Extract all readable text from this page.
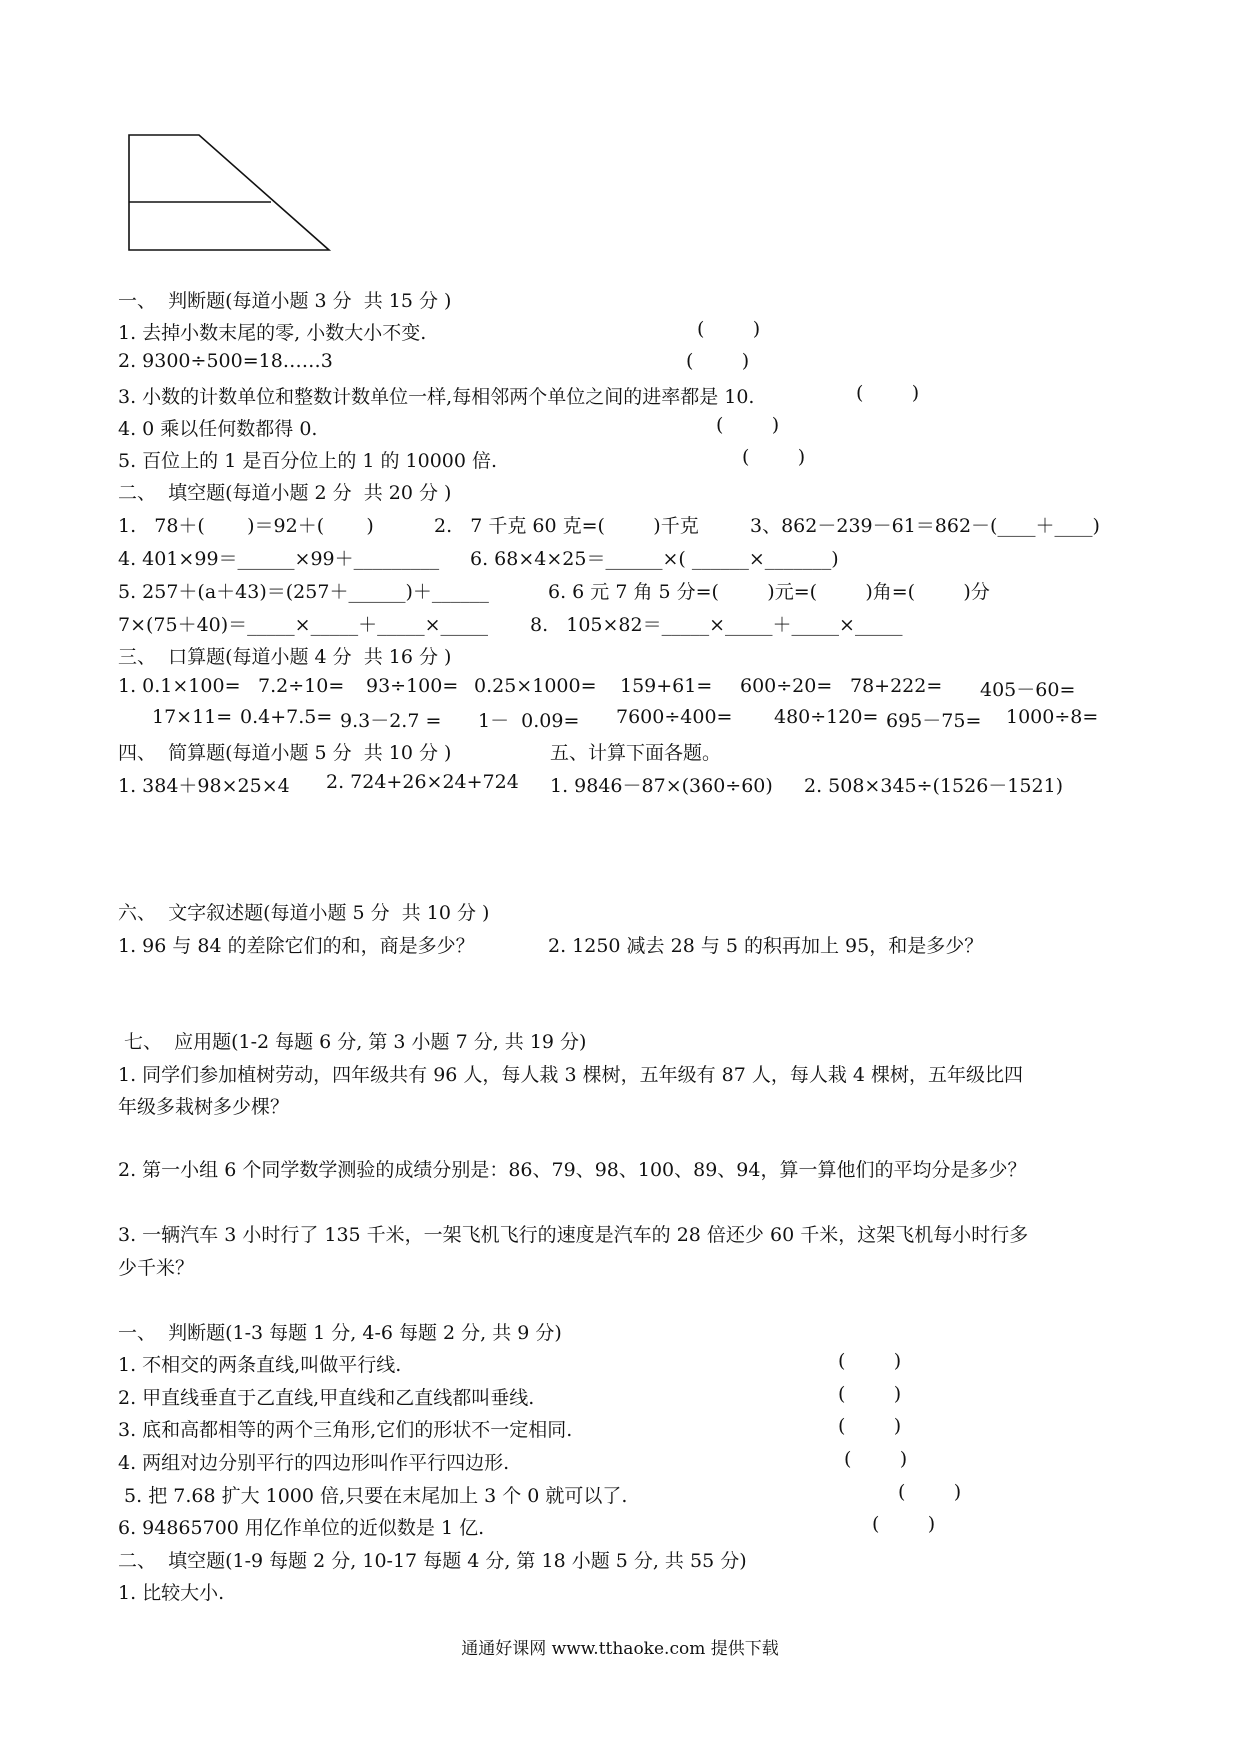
一、  判断题(每道小题 3 分  共 15 分 )
1. 去掉小数末尾的零, 小数大小不变.	(        )
2. 9300÷500=18……3	(        )
3. 小数的计数单位和整数计数单位一样,每相邻两个单位之间的进率都是 10.	(        )
4. 0 乘以任何数都得 0.	(        )
5. 百位上的 1 是百分位上的 1 的 10000 倍.	(        )
二、  填空题(每道小题 2 分  共 20 分 )
1.   78＋(       )＝92＋(       )	2.   7 千克 60 克=(        )千克	3、862－239－61＝862－(____＋____)
4. 401×99＝______×99＋_________ 6. 68×4×25＝______×( ______×_______)
5. 257＋(a＋43)＝(257＋______)＋______	6. 6 元 7 角 5 分=(        )元=(        )角=(        )分
7×(75＋40)＝_____×_____＋_____×_____ 8.   105×82＝_____×_____＋_____×_____
三、  口算题(每道小题 4 分  共 16 分 )
1. 0.1×100= 7.2÷10= 93÷100= 0.25×1000= 159+61= 600÷20= 78+222= 405－60=
17×11= 0.4+7.5= 9.3－2.7 = 1－  0.09= 7600÷400= 480÷120= 695－75= 1000÷8=
四、  简算题(每道小题 5 分  共 10 分 )	五、计算下面各题。
1. 384＋98×25×4 2. 724+26×24+724 1. 9846－87×(360÷60) 2. 508×345÷(1526－1521)
六、  文字叙述题(每道小题 5 分  共 10 分 )
1. 96 与 84 的差除它们的和，商是多少？	2. 1250 减去 28 与 5 的积再加上 95，和是多少？
七、  应用题(1-2 每题 6 分, 第 3 小题 7 分, 共 19 分)
1. 同学们参加植树劳动，四年级共有 96 人，每人栽 3 棵树，五年级有 87 人，每人栽 4 棵树，五年级比四
年级多栽树多少棵？
2. 第一小组 6 个同学数学测验的成绩分别是：86、79、98、100、89、94，算一算他们的平均分是多少？
3. 一辆汽车 3 小时行了 135 千米，一架飞机飞行的速度是汽车的 28 倍还少 60 千米，这架飞机每小时行多
少千米？
一、  判断题(1-3 每题 1 分, 4-6 每题 2 分, 共 9 分)
1. 不相交的两条直线,叫做平行线.	(        )
2. 甲直线垂直于乙直线,甲直线和乙直线都叫垂线.	(        )
3. 底和高都相等的两个三角形,它们的形状不一定相同.	(        )
4. 两组对边分别平行的四边形叫作平行四边形.	(        )
5. 把 7.68 扩大 1000 倍,只要在末尾加上 3 个 0 就可以了.	(        )
6. 94865700 用亿作单位的近似数是 1 亿.	(        )
二、  填空题(1-9 每题 2 分, 10-17 每题 4 分, 第 18 小题 5 分, 共 55 分)
1. 比较大小.
通通好课网 www.tthaoke.com 提供下载
